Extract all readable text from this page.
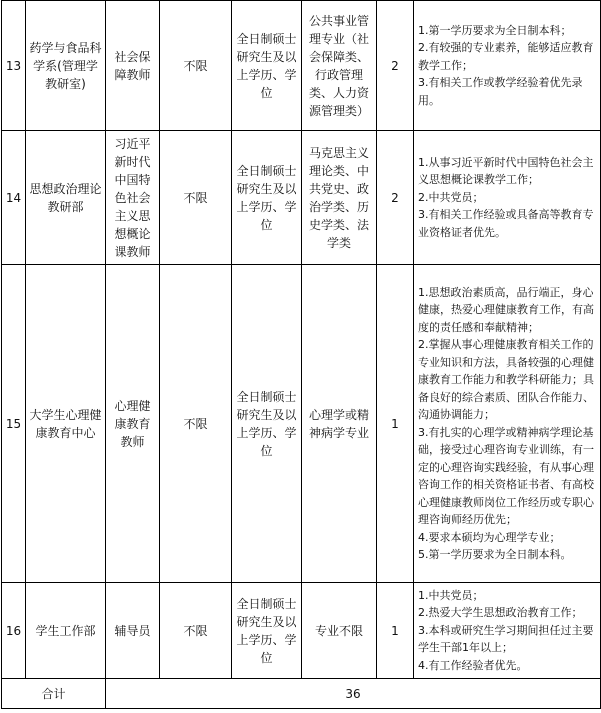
13	药学与食品科学系(管理学教研室)	社会保障教师	不限	全日制硕士研究生及以上学历、学位	公共事业管理专业（社会保障类、行政管理类、人力资源管理类）	2	1.第一学历要求为全日制本科；
2.有较强的专业素养，能够适应教育教学工作；
3.有相关工作或教学经验着优先录用。

14	思想政治理论教研部	习近平新时代中国特色社会主义思想概论课教师	不限	全日制硕士研究生及以上学历、学位	马克思主义理论类、中共党史、政治学类、历史学类、法学类	2	1.从事习近平新时代中国特色社会主义思想概论课教学工作；
2.中共党员；
3.有相关工作经验或具备高等教育专业资格证者优先。

15	大学生心理健康教育中心	心理健康教育教师	不限	全日制硕士研究生及以上学历、学位	心理学或精神病学专业	1	1.思想政治素质高，品行端正，身心健康，热爱心理健康教育工作，有高度的责任感和奉献精神；
2.掌握从事心理健康教育相关工作的专业知识和方法，具备较强的心理健康教育工作能力和教学科研能力；具备良好的综合素质、团队合作能力、沟通协调能力；
3.有扎实的心理学或精神病学理论基础，接受过心理咨询专业训练，有一定的心理咨询实践经验，有从事心理咨询工作的相关资格证书者、有高校心理健康教师岗位工作经历或专职心理咨询师经历优先；
4.要求本硕均为心理学专业；
5.第一学历要求为全日制本科。

16	学生工作部	辅导员	不限	全日制硕士研究生及以上学历、学位	专业不限	1	1.中共党员；
2.热爱大学生思想政治教育工作；
3.本科或研究生学习期间担任过主要学生干部1年以上；
4.有工作经验者优先。

合计		36					
